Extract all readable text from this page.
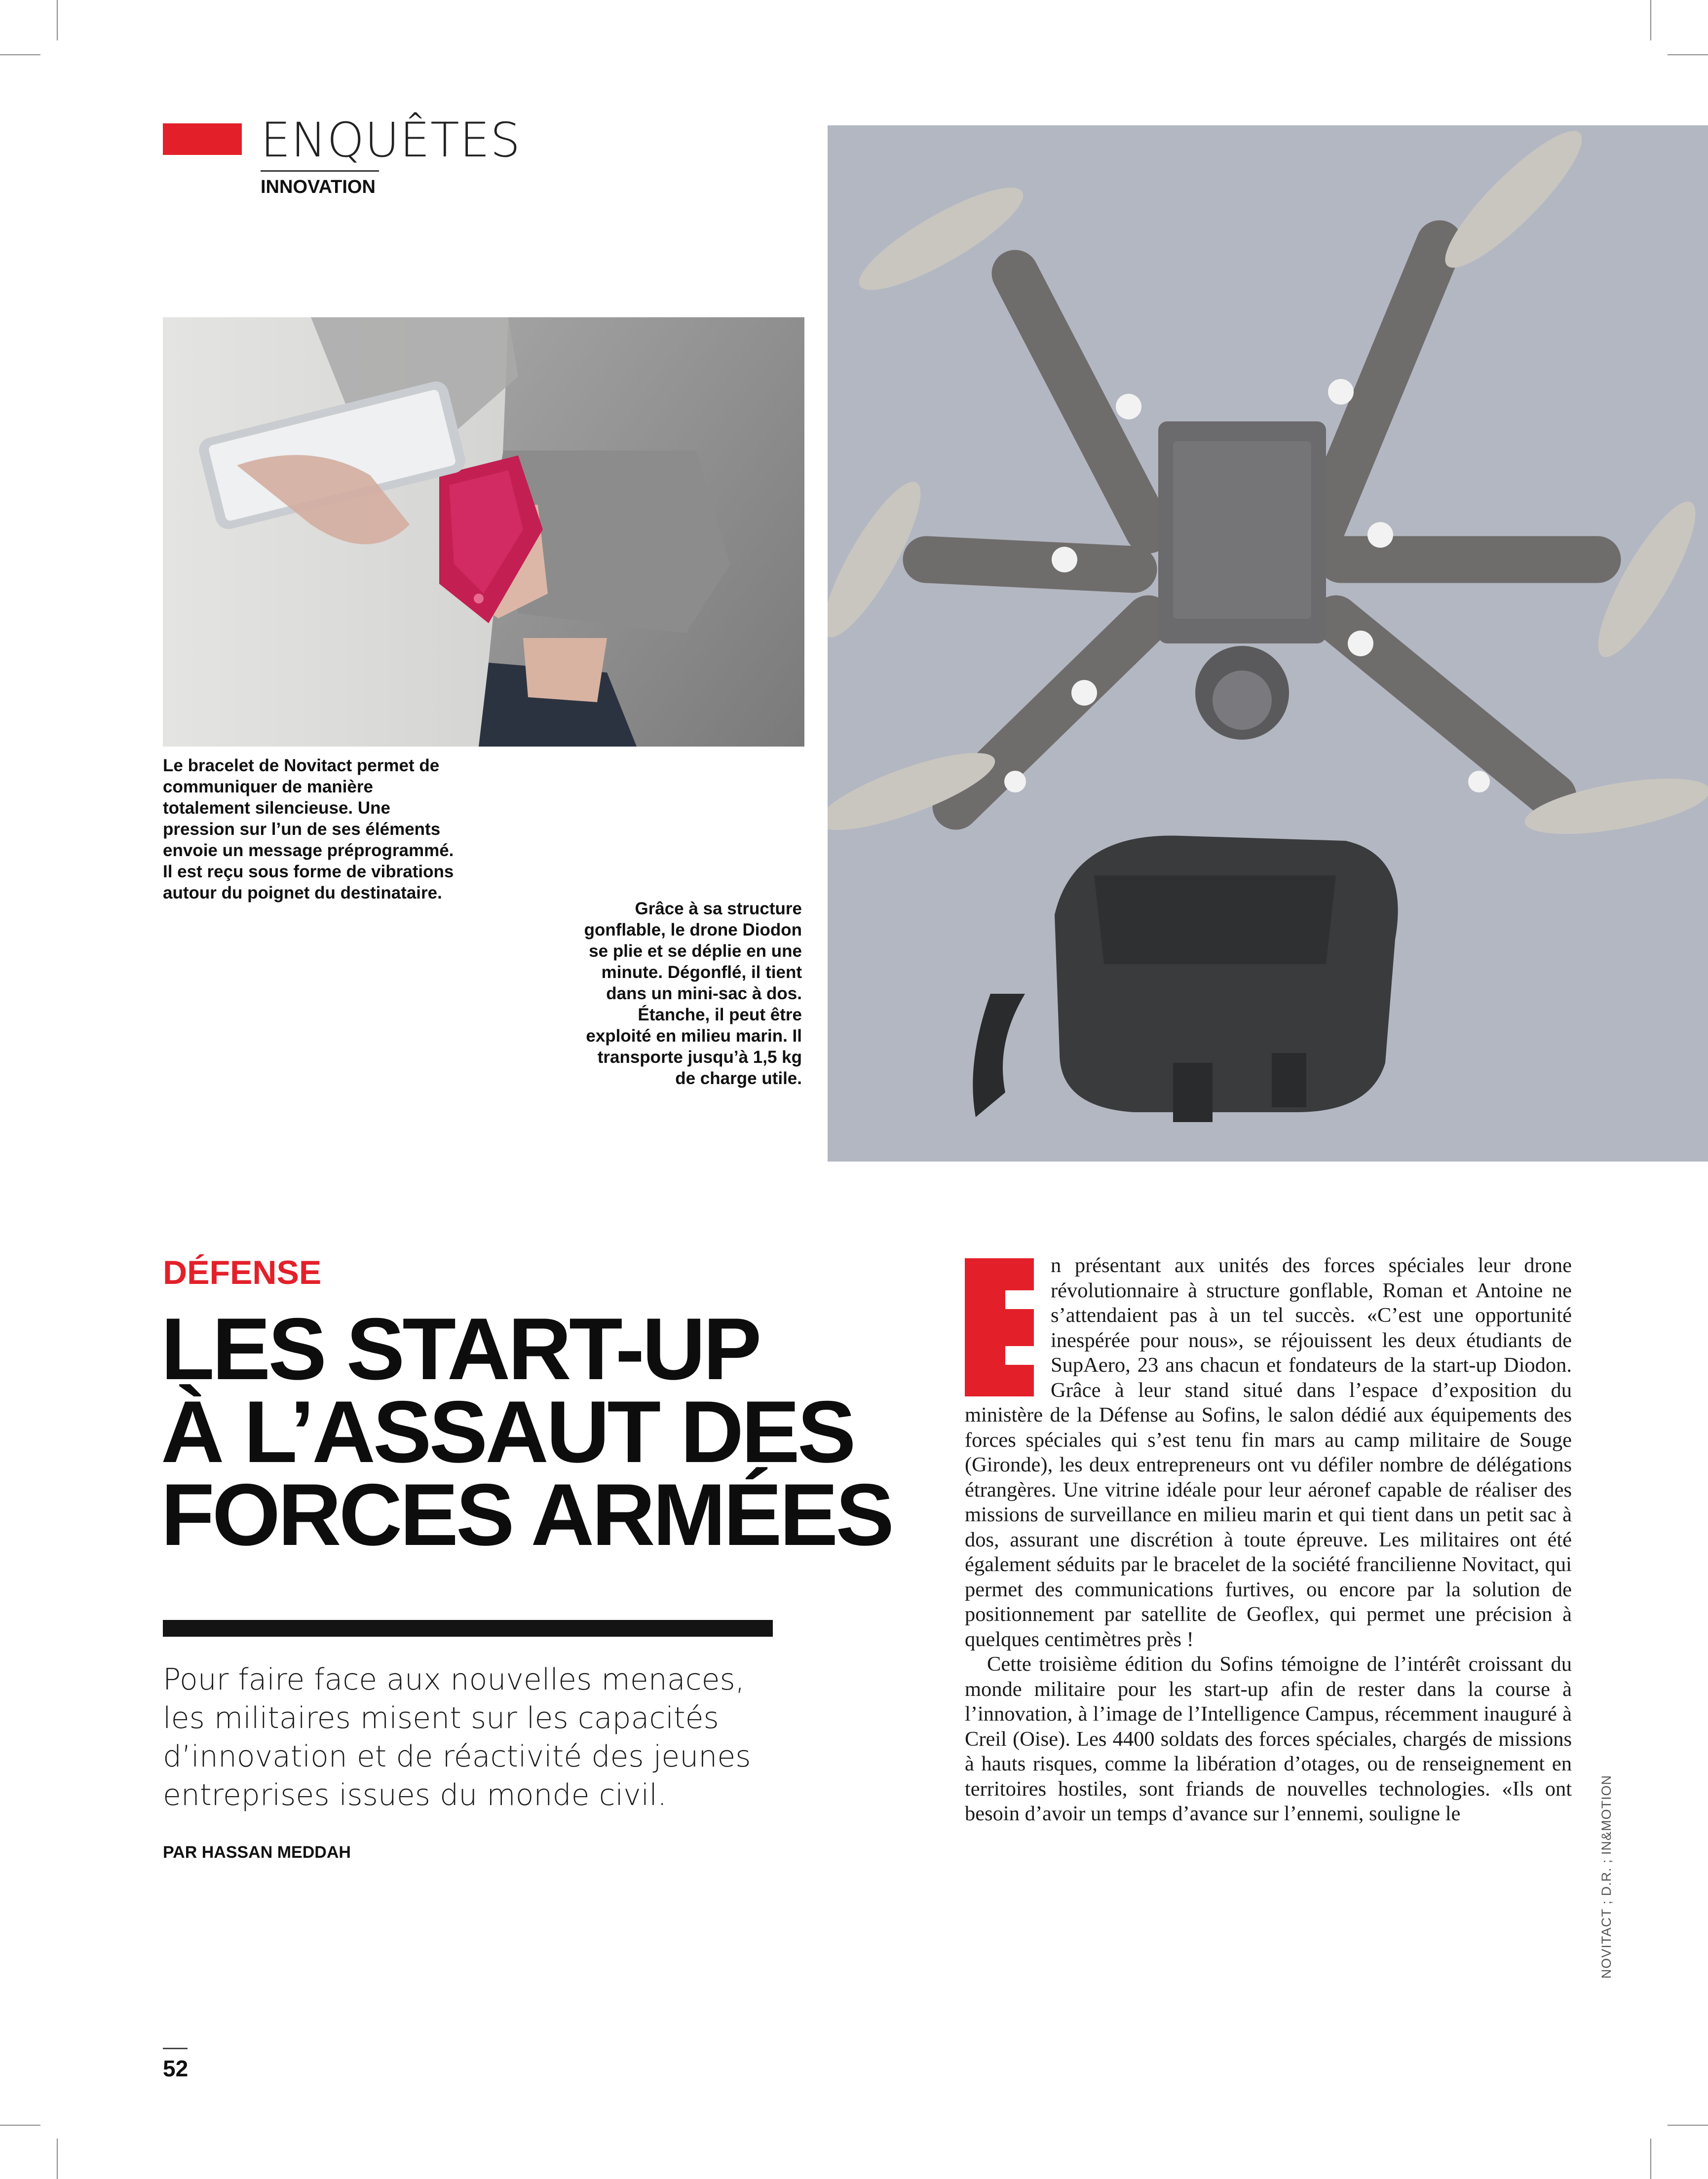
ENQUÊTES
INNOVATION

Le bracelet de Novitact permet de communiquer de manière totalement silencieuse. Une pression sur l’un de ses éléments envoie un message préprogrammé. Il est reçu sous forme de vibrations autour du poignet du destinataire.

Grâce à sa structure gonflable, le drone Diodon se plie et se déplie en une minute. Dégonflé, il tient dans un mini-sac à dos. Étanche, il peut être exploité en milieu marin. Il transporte jusqu’à 1,5 kg de charge utile.

DÉFENSE
LES START-UP
À L’ASSAUT DES
FORCES ARMÉES

Pour faire face aux nouvelles menaces, les militaires misent sur les capacités d’innovation et de réactivité des jeunes entreprises issues du monde civil.

PAR HASSAN MEDDAH

n présentant aux unités des forces spéciales leur drone révolutionnaire à structure gonflable, Roman et Antoine ne s’attendaient pas à un tel succès. «C’est une opportunité inespérée pour nous», se réjouissent les deux étudiants de SupAero, 23 ans chacun et fondateurs de la start-up Diodon. Grâce à leur stand situé dans l’espace d’exposition du ministère de la Défense au Sofins, le salon dédié aux équipements des forces spéciales qui s’est tenu fin mars au camp militaire de Souge (Gironde), les deux entrepreneurs ont vu défiler nombre de délégations étrangères. Une vitrine idéale pour leur aéronef capable de réaliser des missions de surveillance en milieu marin et qui tient dans un petit sac à dos, assurant une discrétion à toute épreuve. Les militaires ont été également séduits par le bracelet de la société francilienne Novitact, qui permet des communications furtives, ou encore par la solution de positionnement par satellite de Geoflex, qui permet une précision à quelques centimètres près !

Cette troisième édition du Sofins témoigne de l’intérêt croissant du monde militaire pour les start-up afin de rester dans la course à l’innovation, à l’image de l’Intelligence Campus, récemment inauguré à Creil (Oise). Les 4400 soldats des forces spéciales, chargés de missions à hauts risques, comme la libération d’otages, ou de renseignement en territoires hostiles, sont friands de nouvelles technologies. «Ils ont besoin d’avoir un temps d’avance sur l’ennemi, souligne le	NOVITACT ; D.R. ; IN&MOTION
52
